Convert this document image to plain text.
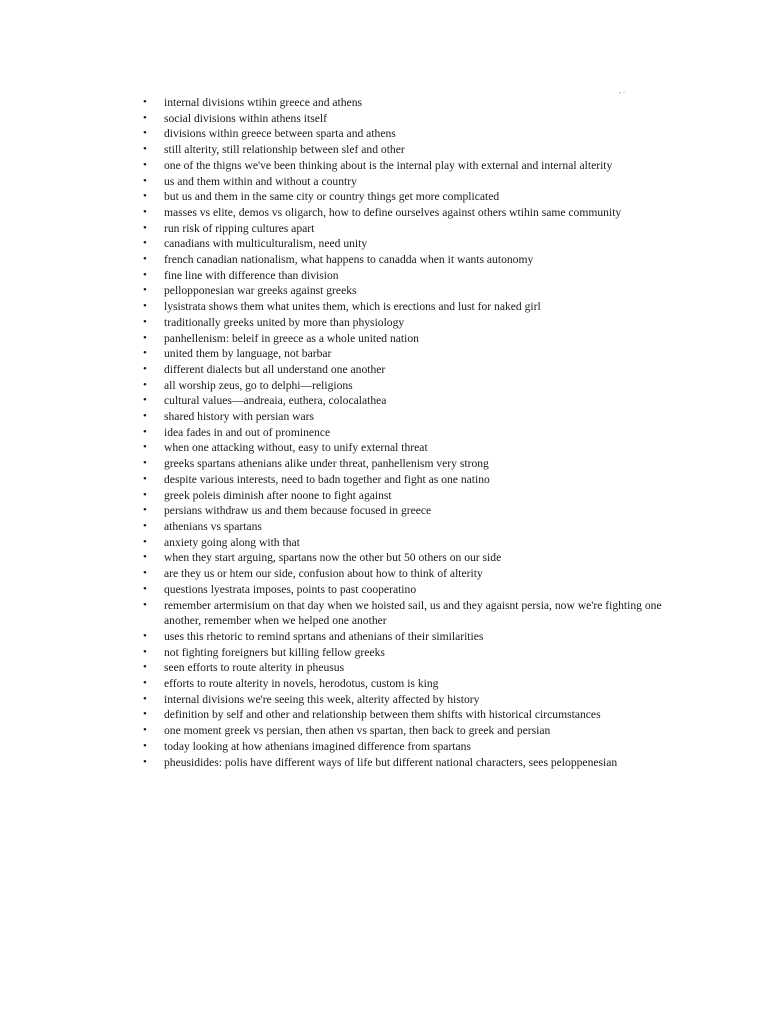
, .
• internal divisions wtihin greece and athens
• social divisions within athens itself
• divisions within greece between sparta and athens
• still alterity, still relationship between slef and other
• one of the thigns we've been thinking about is the internal play with external and internal alterity
• us and them within and without a country
• but us and them in the same city or country things get more complicated
• masses vs elite, demos vs oligarch, how to define ourselves against others wtihin same community
• run risk of ripping cultures apart
• canadians with multiculturalism, need unity
• french canadian nationalism, what happens to canadda when it wants autonomy
• fine line with difference than division
• pellopponesian war greeks against greeks
• lysistrata shows them what unites them, which is erections and lust for naked girl
• traditionally greeks united by more than physiology
• panhellenism: beleif in greece as a whole united nation
• united them by language, not barbar
• different dialects but all understand one another
• all worship zeus, go to delphi—religions
• cultural values—andreaia, euthera, colocalathea
• shared history with persian wars
• idea fades in and out of prominence
• when one attacking without, easy to unify external threat
• greeks spartans athenians alike under threat, panhellenism very strong
• despite various interests, need to badn together and fight as one natino
• greek poleis diminish after noone to fight against
• persians withdraw us and them because focused in greece
• athenians vs spartans
• anxiety going along with that
• when they start arguing, spartans now the other but 50 others on our side
• are they us or htem our side, confusion about how to think of alterity
• questions lyestrata imposes, points to past cooperatino
• remember artermisium on that day when we hoisted sail, us and they agaisnt persia, now we're fighting one another, remember when we helped one another
• uses this rhetoric to remind sprtans and athenians of their similarities
• not fighting foreigners but killing fellow greeks
• seen efforts to route alterity in pheusus
• efforts to route alterity in novels, herodotus, custom is king
• internal divisions we're seeing this week, alterity affected by history
• definition by self and other and relationship between them shifts with historical circumstances
• one moment greek vs persian, then athen vs spartan, then back to greek and persian
• today looking at how athenians imagined difference from spartans
• pheusidides: polis have different ways of life but different national characters, sees peloppenesian
